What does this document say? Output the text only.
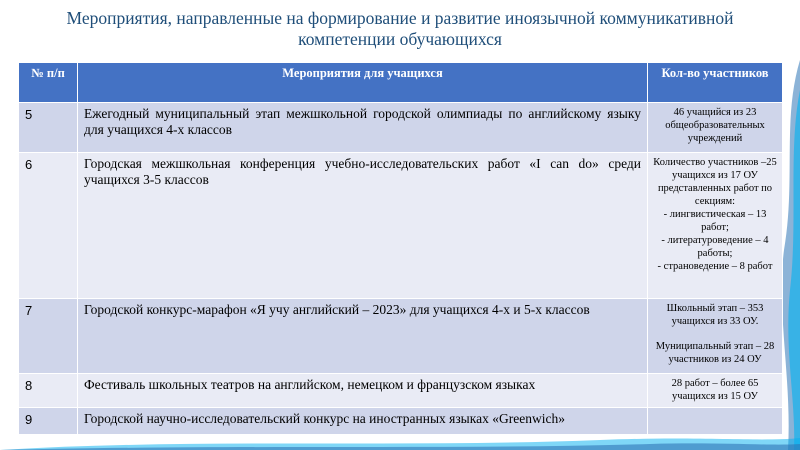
Мероприятия, направленные на формирование и развитие иноязычной коммуникативной
компетенции обучающихся
№ п/п	Мероприятия для учащихся	Кол-во участников
5	Ежегодный муниципальный этап межшкольной городской олимпиады по английскому языку для учащихся 4-х классов	46 учащийся из 23 общеобразовательных учреждений

6	Городская межшкольная конференция учебно-исследовательских работ «I can do» среди учащихся 3-5 классов	Количество участников –25 учащихся из 17 ОУ представленных работ по секциям:
- лингвистическая – 13 работ;
- литературоведение – 4 работы;
- страноведение – 8 работ

7	Городской конкурс-марафон «Я учу английский – 2023» для учащихся 4-х и 5-х классов	Школьный этап – 353 учащихся из 33 ОУ.
Муниципальный этап – 28 участников из 24 ОУ

8	Фестиваль школьных театров на английском, немецком и французском языках	28 работ – более 65 учащихся из 15 ОУ

9	Городской научно-исследовательский конкурс на иностранных языках «Greenwich»	
